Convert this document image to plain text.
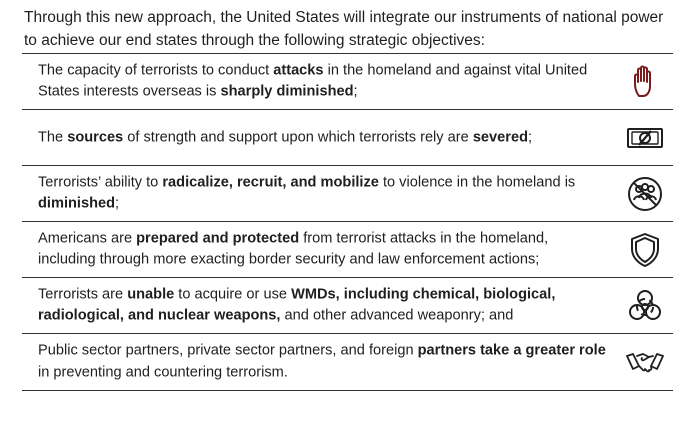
Through this new approach, the United States will integrate our instruments of national power

to achieve our end states through the following strategic objectives:

The capacity of terrorists to conduct attacks in the homeland and against vital United States interests overseas is sharply diminished;
The sources of strength and support upon which terrorists rely are severed;
Terrorists’ ability to radicalize, recruit, and mobilize to violence in the homeland is diminished;
Americans are prepared and protected from terrorist attacks in the homeland, including through more exacting border security and law enforcement actions;
Terrorists are unable to acquire or use WMDs, including chemical, biological, radiological, and nuclear weapons, and other advanced weaponry; and
Public sector partners, private sector partners, and foreign partners take a greater role in preventing and countering terrorism.
